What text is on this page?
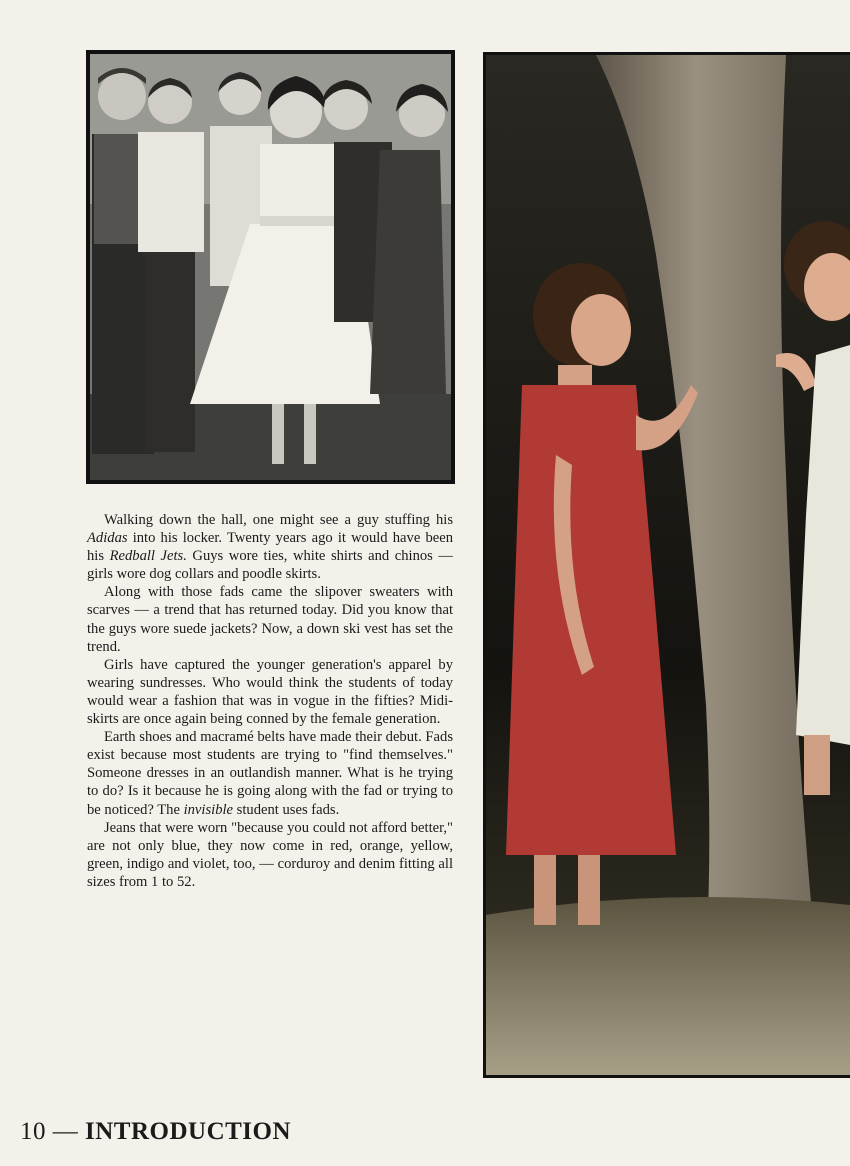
Walking down the hall, one might see a guy stuffing his Adidas into his locker. Twenty years ago it would have been his Redball Jets. Guys wore ties, white shirts and chinos — girls wore dog collars and poodle skirts.

Along with those fads came the slipover sweaters with scarves — a trend that has returned today. Did you know that the guys wore suede jackets? Now, a down ski vest has set the trend.

Girls have captured the younger generation's apparel by wearing sundresses. Who would think the students of today would wear a fashion that was in vogue in the fifties? Midi-skirts are once again being conned by the female generation.

Earth shoes and macramé belts have made their debut. Fads exist because most students are trying to "find themselves." Someone dresses in an outlandish manner. What is he trying to do? Is it because he is going along with the fad or trying to be noticed? The invisible student uses fads.

Jeans that were worn "because you could not afford better," are not only blue, they now come in red, orange, yellow, green, indigo and violet, too, — corduroy and denim fitting all sizes from 1 to 52.

10 — INTRODUCTION
